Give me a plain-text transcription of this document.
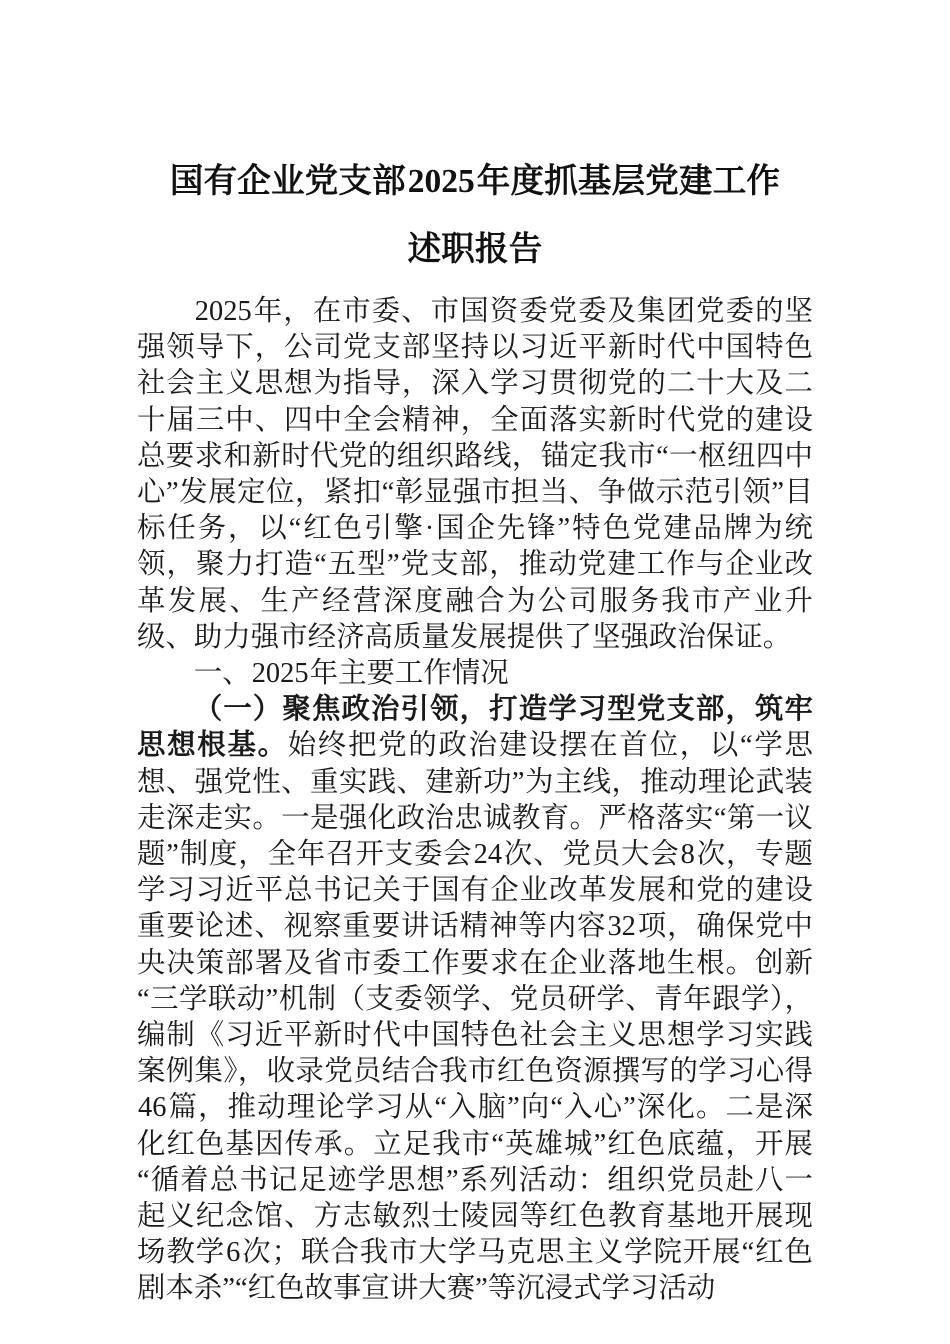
国有企业党支部2025年度抓基层党建工作
述职报告

2025年，在市委、市国资委党委及集团党委的坚强领导下，公司党支部坚持以习近平新时代中国特色社会主义思想为指导，深入学习贯彻党的二十大及二十届三中、四中全会精神，全面落实新时代党的建设总要求和新时代党的组织路线，锚定我市“一枢纽四中心”发展定位，紧扣“彰显强市担当、争做示范引领”目标任务，以“红色引擎·国企先锋”特色党建品牌为统领，聚力打造“五型”党支部，推动党建工作与企业改革发展、生产经营深度融合为公司服务我市产业升级、助力强市经济高质量发展提供了坚强政治保证。

一、2025年主要工作情况

（一）聚焦政治引领，打造学习型党支部，筑牢思想根基。始终把党的政治建设摆在首位，以“学思想、强党性、重实践、建新功”为主线，推动理论武装走深走实。一是强化政治忠诚教育。严格落实“第一议题”制度，全年召开支委会24次、党员大会8次，专题学习习近平总书记关于国有企业改革发展和党的建设重要论述、视察重要讲话精神等内容32项，确保党中央决策部署及省市委工作要求在企业落地生根。创新“三学联动”机制（支委领学、党员研学、青年跟学），编制《习近平新时代中国特色社会主义思想学习实践案例集》，收录党员结合我市红色资源撰写的学习心得46篇，推动理论学习从“入脑”向“入心”深化。二是深化红色基因传承。立足我市“英雄城”红色底蕴，开展“循着总书记足迹学思想”系列活动：组织党员赴八一起义纪念馆、方志敏烈士陵园等红色教育基地开展现场教学6次；联合我市大学马克思主义学院开展“红色剧本杀”“红色故事宣讲大赛”等沉浸式学习活动
